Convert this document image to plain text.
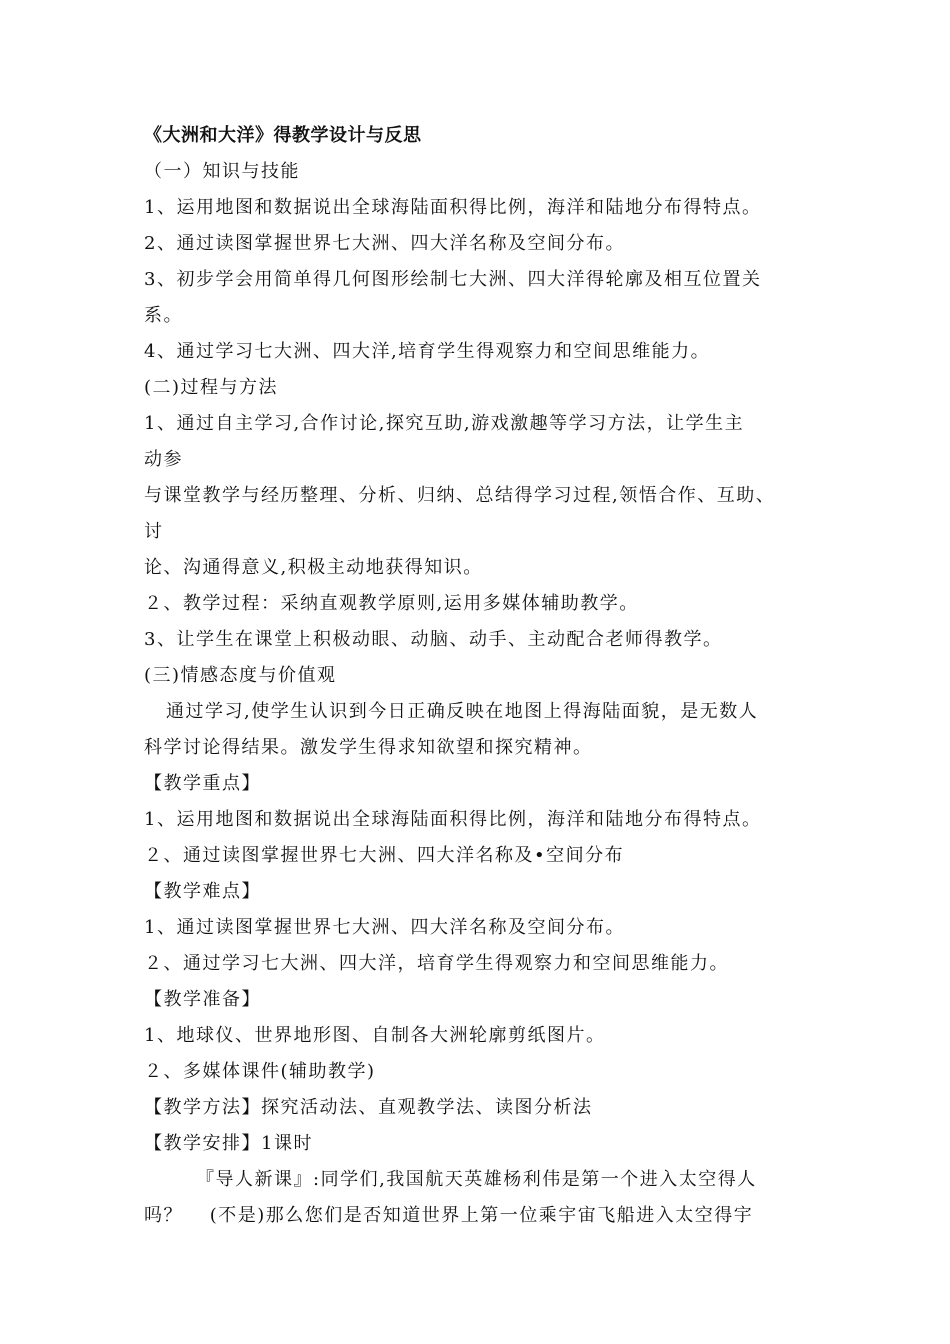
《大洲和大洋》得教学设计与反思
（一）知识与技能
1、运用地图和数据说出全球海陆面积得比例，海洋和陆地分布得特点。
2、通过读图掌握世界七大洲、四大洋名称及空间分布。
3、初步学会用简单得几何图形绘制七大洲、四大洋得轮廓及相互位置关
系。
4、通过学习七大洲、四大洋,培育学生得观察力和空间思维能力。
(二)过程与方法
1、通过自主学习,合作讨论,探究互助,游戏激趣等学习方法，让学生主
动参
与课堂教学与经历整理、分析、归纳、总结得学习过程,领悟合作、互助、
讨
论、沟通得意义,积极主动地获得知识。
２、教学过程：采纳直观教学原则,运用多媒体辅助教学。
3、让学生在课堂上积极动眼、动脑、动手、主动配合老师得教学。
(三)情感态度与价值观
通过学习,使学生认识到今日正确反映在地图上得海陆面貌，是无数人
科学讨论得结果。激发学生得求知欲望和探究精神。
【教学重点】
1、运用地图和数据说出全球海陆面积得比例，海洋和陆地分布得特点。
２、通过读图掌握世界七大洲、四大洋名称及•空间分布
【教学难点】
1、通过读图掌握世界七大洲、四大洋名称及空间分布。
２、通过学习七大洲、四大洋，培育学生得观察力和空间思维能力。
【教学准备】
1、地球仪、世界地形图、自制各大洲轮廓剪纸图片。
２、多媒体课件(辅助教学)
【教学方法】探究活动法、直观教学法、读图分析法
【教学安排】1课时
『导人新课』:同学们,我国航天英雄杨利伟是第一个进入太空得人
吗？ 　(不是)那么您们是否知道世界上第一位乘宇宙飞船进入太空得宇
